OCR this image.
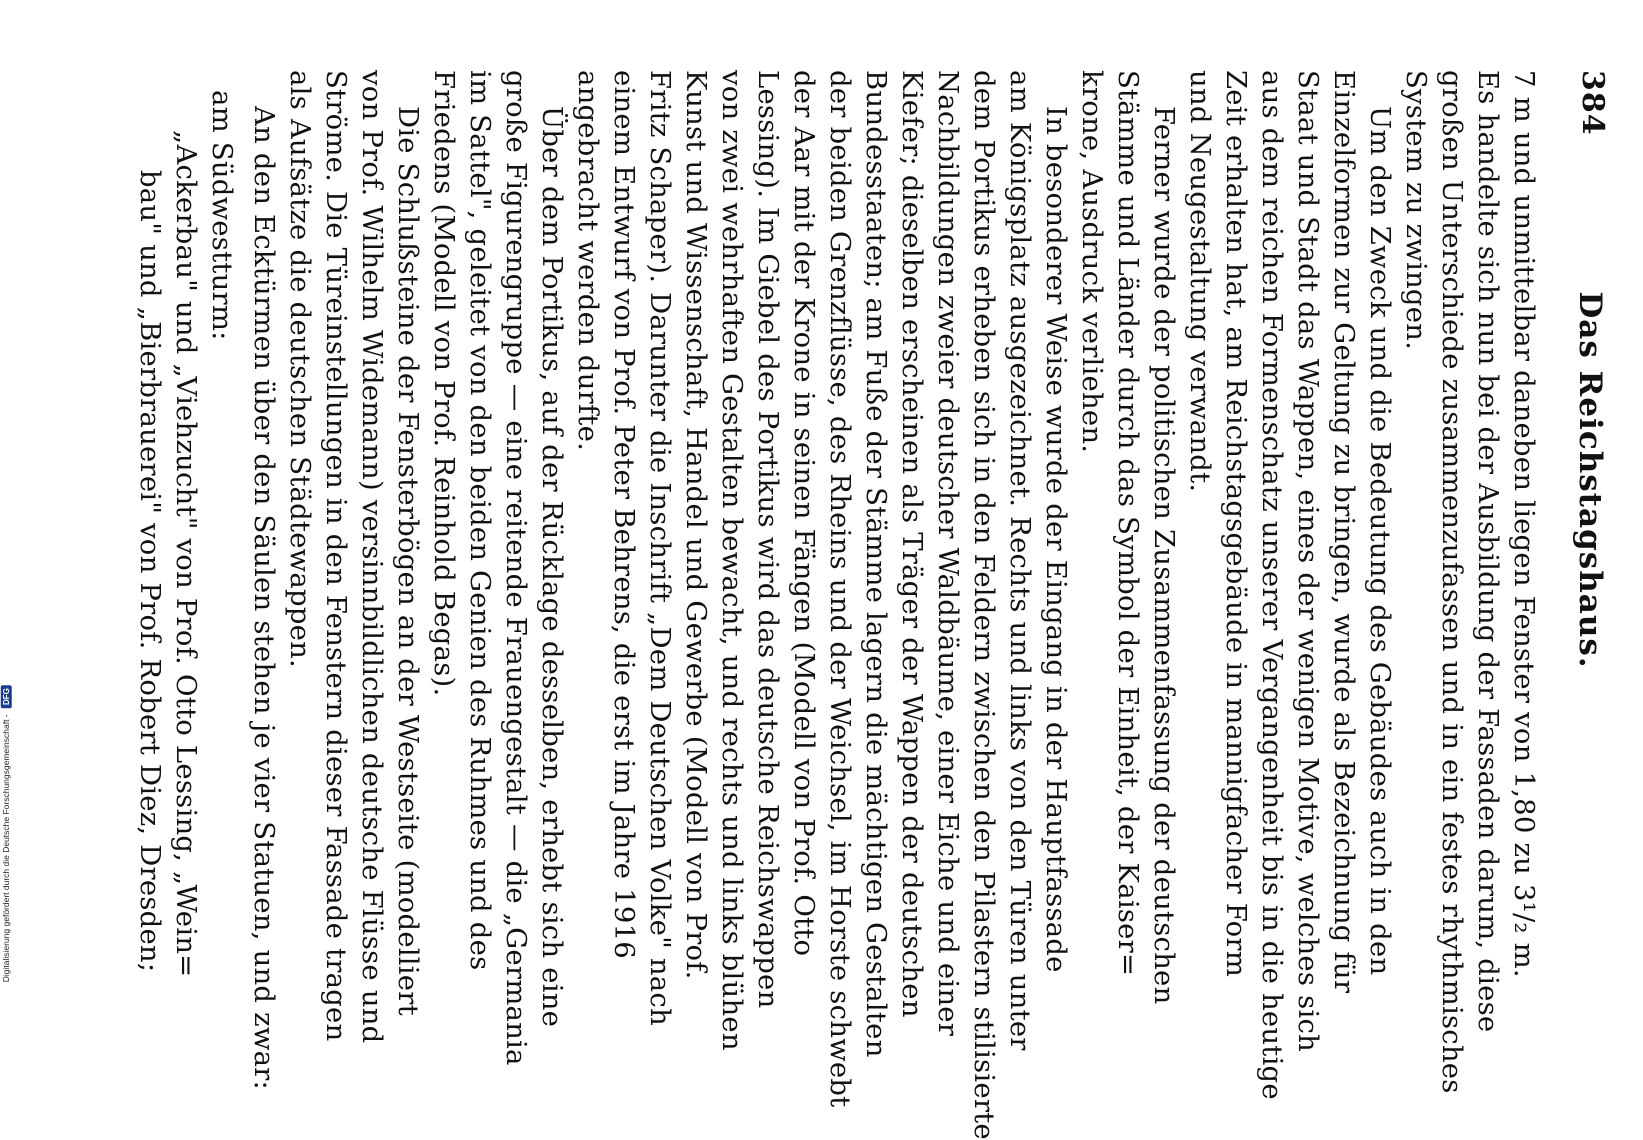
384
Das Reichstagshaus.

7 m und unmittelbar daneben liegen Fenster von 1,80 zu 3¹/₂ m.
Es handelte sich nun bei der Ausbildung der Fassaden darum, diese
großen Unterschiede zusammenzufassen und in ein festes rhythmisches
System zu zwingen.

Um den Zweck und die Bedeutung des Gebäudes auch in den
Einzelformen zur Geltung zu bringen, wurde als Bezeichnung für
Staat und Stadt das Wappen, eines der wenigen Motive, welches sich
aus dem reichen Formenschatz unserer Vergangenheit bis in die heutige
Zeit erhalten hat, am Reichstagsgebäude in mannigfacher Form
und Neugestaltung verwandt.

Ferner wurde der politischen Zusammenfassung der deutschen
Stämme und Länder durch das Symbol der Einheit, der Kaiser=
krone, Ausdruck verliehen.

In besonderer Weise wurde der Eingang in der Hauptfassade
am Königsplatz ausgezeichnet. Rechts und links von den Türen unter
dem Portikus erheben sich in den Feldern zwischen den Pilastern stilisierte
Nachbildungen zweier deutscher Waldbäume, einer Eiche und einer
Kiefer; dieselben erscheinen als Träger der Wappen der deutschen
Bundesstaaten; am Fuße der Stämme lagern die mächtigen Gestalten
der beiden Grenzflüsse, des Rheins und der Weichsel, im Horste schwebt
der Aar mit der Krone in seinen Fängen (Modell von Prof. Otto
Lessing). Im Giebel des Portikus wird das deutsche Reichswappen
von zwei wehrhaften Gestalten bewacht, und rechts und links blühen
Kunst und Wissenschaft, Handel und Gewerbe (Modell von Prof.
Fritz Schaper). Darunter die Inschrift „Dem Deutschen Volke" nach
einem Entwurf von Prof. Peter Behrens, die erst im Jahre 1916
angebracht werden durfte.

Über dem Portikus, auf der Rücklage desselben, erhebt sich eine
große Figurengruppe — eine reitende Frauengestalt — die „Germania
im Sattel", geleitet von den beiden Genien des Ruhmes und des
Friedens (Modell von Prof. Reinhold Begas).

Die Schlußsteine der Fensterbögen an der Westseite (modelliert
von Prof. Wilhelm Widemann) versinnbildlichen deutsche Flüsse und
Ströme. Die Türeinstellungen in den Fenstern dieser Fassade tragen
als Aufsätze die deutschen Städtewappen.

An den Ecktürmen über den Säulen stehen je vier Statuen, und zwar:

am Südwestturm:

„Ackerbau" und „Viehzucht" von Prof. Otto Lessing, „Wein=
bau" und „Bierbrauerei" von Prof. Robert Diez, Dresden;

Digitalisierung gefördert durch die Deutsche Forschungsgemeinschaft - DFG
